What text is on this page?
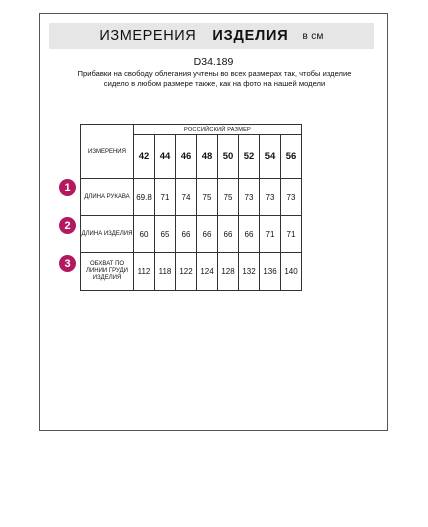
ИЗМЕРЕНИЯ ИЗДЕЛИЯ в см
D34.189
Прибавки на свободу облегания учтены во всех размерах так, чтобы изделие сидело в любом размере также, как на фото на нашей модели
ИЗМЕРЕНИЯ	РОССИЙСКИЙ РАЗМЕР							
	42	44	46	48	50	52	54	56
ДЛИНА РУКАВА	69.8	71	74	75	75	73	73	73
ДЛИНА ИЗДЕЛИЯ	60	65	66	66	66	66	71	71
ОБХВАТ ПО ЛИНИИ ГРУДИ ИЗДЕЛИЯ	112	118	122	124	128	132	136	140
1
2
3
